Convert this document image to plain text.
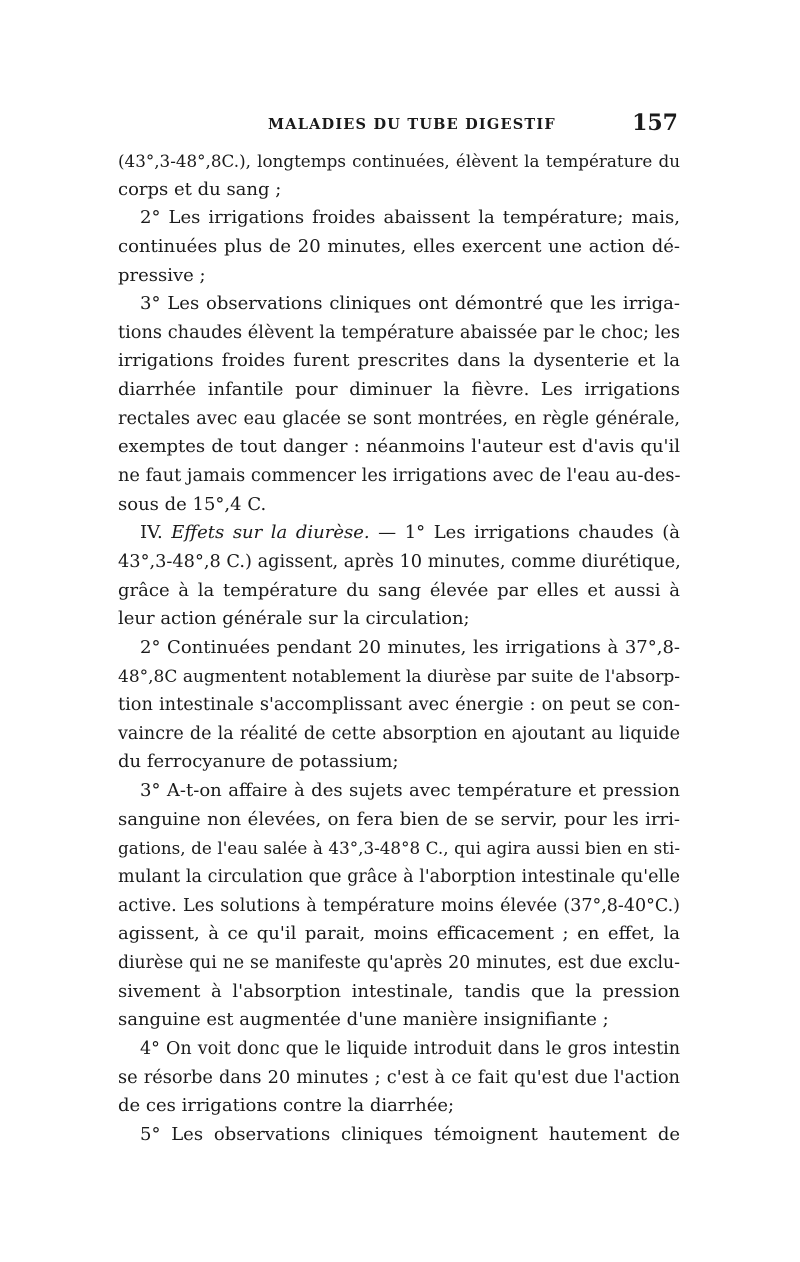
MALADIES DU TUBE DIGESTIF	157
(43°,3-48°,8C.), longtemps continuées, élèvent la température du
corps et du sang ;
2° Les irrigations froides abaissent la température; mais,
continuées plus de 20 minutes, elles exercent une action dé-
pressive ;
3° Les observations cliniques ont démontré que les irriga-
tions chaudes élèvent la température abaissée par le choc; les
irrigations froides furent prescrites dans la dysenterie et la
diarrhée infantile pour diminuer la fièvre. Les irrigations
rectales avec eau glacée se sont montrées, en règle générale,
exemptes de tout danger : néanmoins l'auteur est d'avis qu'il
ne faut jamais commencer les irrigations avec de l'eau au-des-
sous de 15°,4 C.
IV. Effets sur la diurèse. — 1° Les irrigations chaudes (à
43°,3-48°,8 C.) agissent, après 10 minutes, comme diurétique,
grâce à la température du sang élevée par elles et aussi à
leur action générale sur la circulation;
2° Continuées pendant 20 minutes, les irrigations à 37°,8-
48°,8C augmentent notablement la diurèse par suite de l'absorp-
tion intestinale s'accomplissant avec énergie : on peut se con-
vaincre de la réalité de cette absorption en ajoutant au liquide
du ferrocyanure de potassium;
3° A-t-on affaire à des sujets avec température et pression
sanguine non élevées, on fera bien de se servir, pour les irri-
gations, de l'eau salée à 43°,3-48°8 C., qui agira aussi bien en sti-
mulant la circulation que grâce à l'aborption intestinale qu'elle
active. Les solutions à température moins élevée (37°,8-40°C.)
agissent, à ce qu'il parait, moins efficacement ; en effet, la
diurèse qui ne se manifeste qu'après 20 minutes, est due exclu-
sivement à l'absorption intestinale, tandis que la pression
sanguine est augmentée d'une manière insignifiante ;
4° On voit donc que le liquide introduit dans le gros intestin
se résorbe dans 20 minutes ; c'est à ce fait qu'est due l'action
de ces irrigations contre la diarrhée;
5° Les observations cliniques témoignent hautement de
